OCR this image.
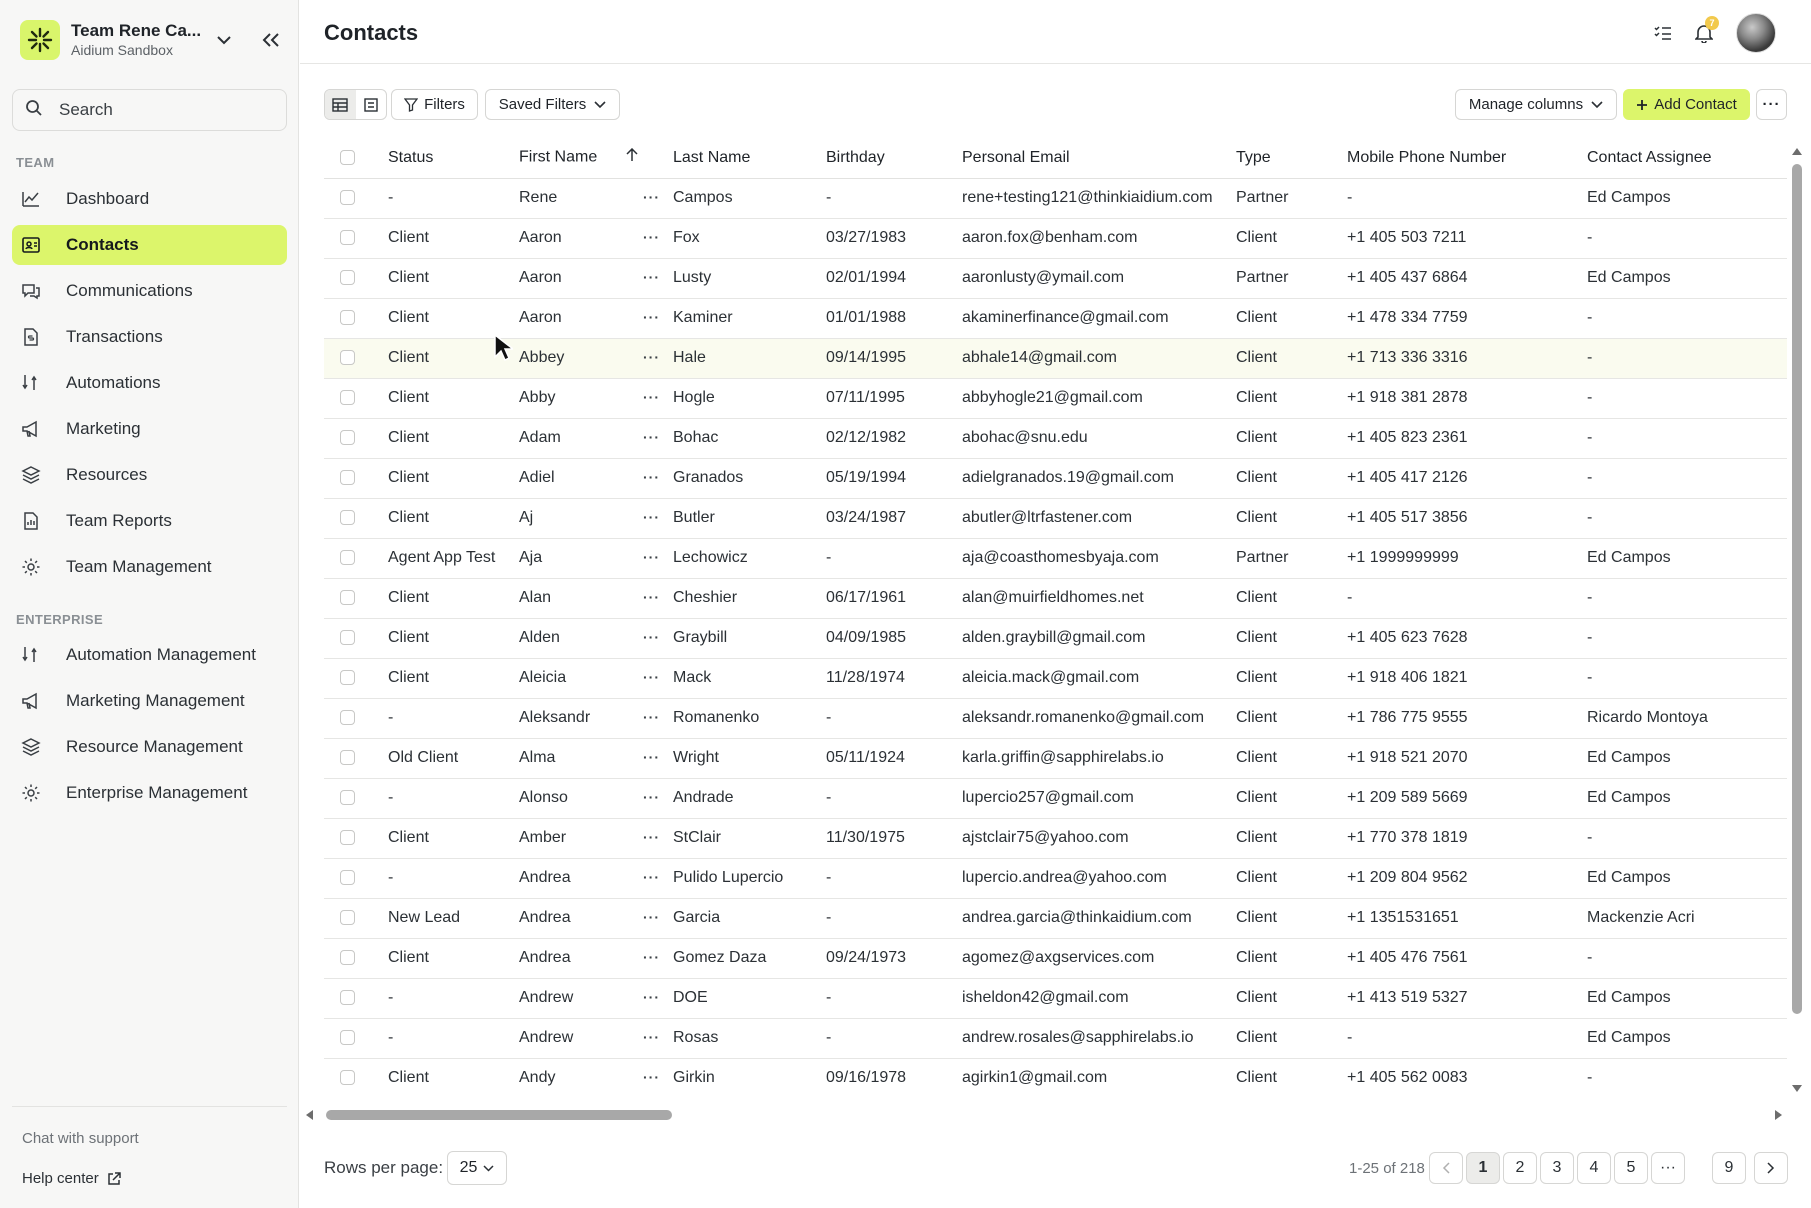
Team Rene Ca...
Aidium Sandbox
Search
TEAM
Dashboard
Contacts
Communications
Transactions
Automations
Marketing
Resources
Team Reports
Team Management
ENTERPRISE
Automation Management
Marketing Management
Resource Management
Enterprise Management
Chat with support
Help center
Contacts	7
Filters Saved Filters	Manage columns	Add Contact ···
	Status	First Name		Last Name	Birthday	Personal Email	Type	Mobile Phone Number	Contact Assignee
	-	Rene	···	Campos	-	rene+testing121@thinkiaidium.com	Partner	-	Ed Campos
	Client	Aaron	···	Fox	03/27/1983	aaron.fox@benham.com	Client	+1 405 503 7211	-
	Client	Aaron	···	Lusty	02/01/1994	aaronlusty@ymail.com	Partner	+1 405 437 6864	Ed Campos
	Client	Aaron	···	Kaminer	01/01/1988	akaminerfinance@gmail.com	Client	+1 478 334 7759	-
	Client	Abbey	···	Hale	09/14/1995	abhale14@gmail.com	Client	+1 713 336 3316	-
	Client	Abby	···	Hogle	07/11/1995	abbyhogle21@gmail.com	Client	+1 918 381 2878	-
	Client	Adam	···	Bohac	02/12/1982	abohac@snu.edu	Client	+1 405 823 2361	-
	Client	Adiel	···	Granados	05/19/1994	adielgranados.19@gmail.com	Client	+1 405 417 2126	-
	Client	Aj	···	Butler	03/24/1987	abutler@ltrfastener.com	Client	+1 405 517 3856	-
	Agent App Test	Aja	···	Lechowicz	-	aja@coasthomesbyaja.com	Partner	+1 1999999999	Ed Campos
	Client	Alan	···	Cheshier	06/17/1961	alan@muirfieldhomes.net	Client	-	-
	Client	Alden	···	Graybill	04/09/1985	alden.graybill@gmail.com	Client	+1 405 623 7628	-
	Client	Aleicia	···	Mack	11/28/1974	aleicia.mack@gmail.com	Client	+1 918 406 1821	-
	-	Aleksandr	···	Romanenko	-	aleksandr.romanenko@gmail.com	Client	+1 786 775 9555	Ricardo Montoya
	Old Client	Alma	···	Wright	05/11/1924	karla.griffin@sapphirelabs.io	Client	+1 918 521 2070	Ed Campos
	-	Alonso	···	Andrade	-	lupercio257@gmail.com	Client	+1 209 589 5669	Ed Campos
	Client	Amber	···	StClair	11/30/1975	ajstclair75@yahoo.com	Client	+1 770 378 1819	-
	-	Andrea	···	Pulido Lupercio	-	lupercio.andrea@yahoo.com	Client	+1 209 804 9562	Ed Campos
	New Lead	Andrea	···	Garcia	-	andrea.garcia@thinkaidium.com	Client	+1 1351531651	Mackenzie Acri
	Client	Andrea	···	Gomez Daza	09/24/1973	agomez@axgservices.com	Client	+1 405 476 7561	-
	-	Andrew	···	DOE	-	isheldon42@gmail.com	Client	+1 413 519 5327	Ed Campos
	-	Andrew	···	Rosas	-	andrew.rosales@sapphirelabs.io	Client	-	Ed Campos
	Client	Andy	···	Girkin	09/16/1978	agirkin1@gmail.com	Client	+1 405 562 0083	-
Rows per page: 25	1-25 of 218	1	2	3	4	5	···	9
